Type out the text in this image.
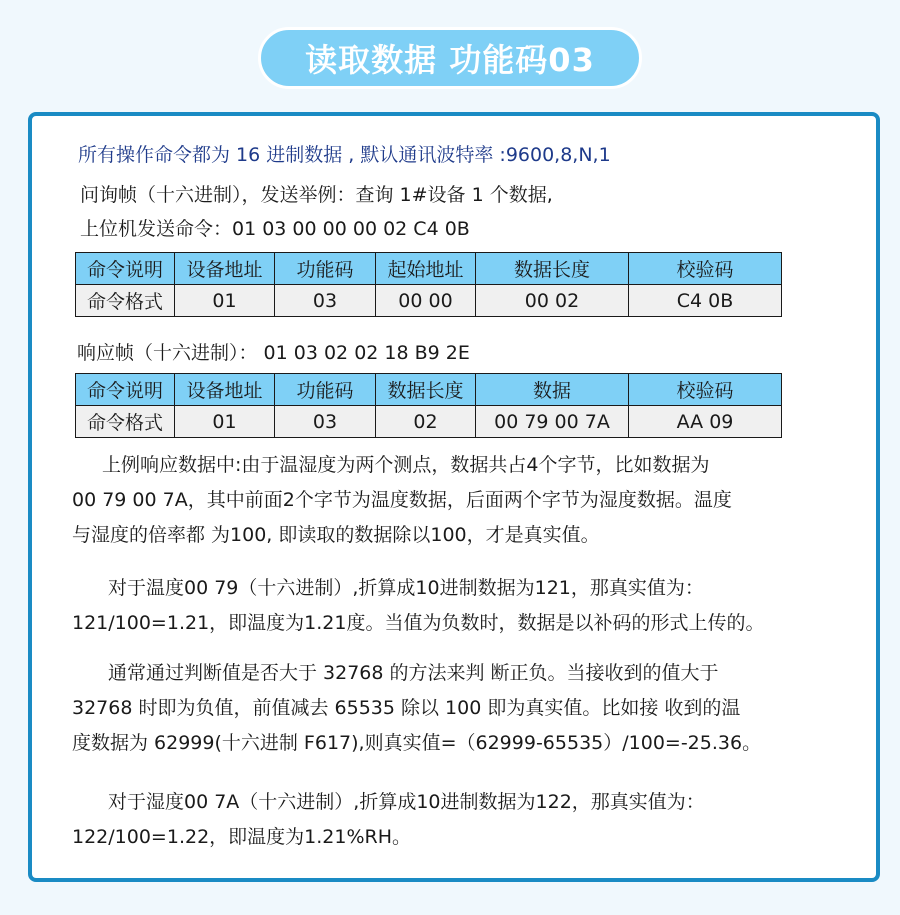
读取数据 功能码03
所有操作命令都为 16 进制数据 , 默认通讯波特率 :9600,8,N,1
问询帧（十六进制），发送举例：查询 1#设备 1 个数据,
上位机发送命令：01 03 00 00 00 02 C4 0B
命令说明	设备地址	功能码	起始地址	数据长度	校验码
命令格式	01	03	00 00	00 02	C4 0B
响应帧（十六进制）： 01 03 02 02 18 B9 2E
命令说明	设备地址	功能码	数据长度	数据	校验码
命令格式	01	03	02	00 79 00 7A	AA 09
上例响应数据中:由于温湿度为两个测点，数据共占4个字节，比如数据为
00 79 00 7A，其中前面2个字节为温度数据，后面两个字节为湿度数据。温度
与湿度的倍率都 为100, 即读取的数据除以100，才是真实值。
对于温度00 79（十六进制）,折算成10进制数据为121，那真实值为：
121/100=1.21，即温度为1.21度。当值为负数时，数据是以补码的形式上传的。
通常通过判断值是否大于 32768 的方法来判 断正负。当接收到的值大于
32768 时即为负值，前值减去 65535 除以 100 即为真实值。比如接 收到的温
度数据为 62999(十六进制 F617),则真实值=（62999-65535）/100=-25.36。
对于湿度00 7A（十六进制）,折算成10进制数据为122，那真实值为：
122/100=1.22，即温度为1.21%RH。
